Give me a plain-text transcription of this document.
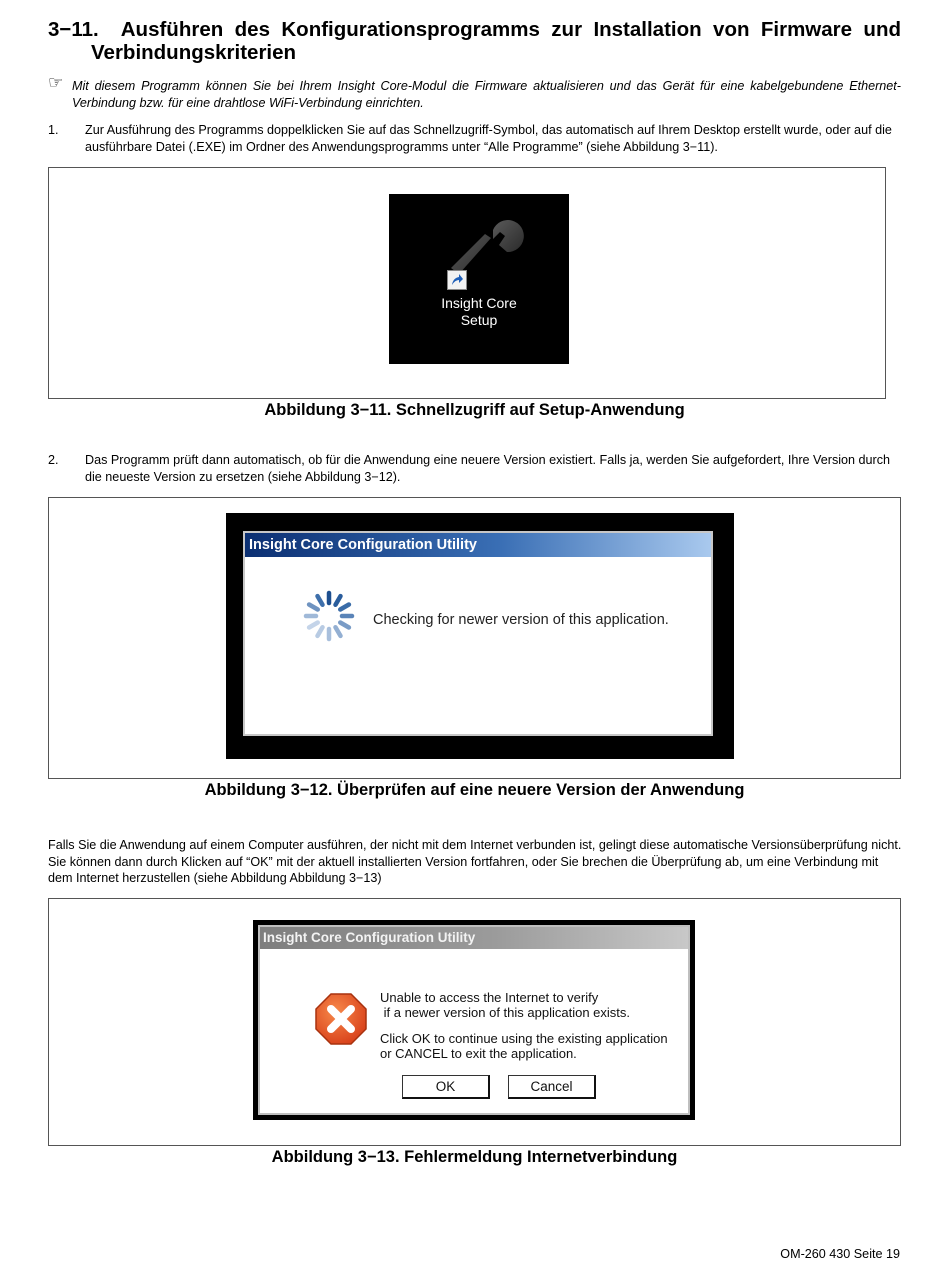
3−11. Ausführen des Konfigurationsprogramms zur Installation von Firmware und
Verbindungskriterien
☞ Mit diesem Programm können Sie bei Ihrem Insight Core-Modul die Firmware aktualisieren und das Gerät für eine kabelgebundene Ethernet-Verbindung bzw. für eine drahtlose WiFi-Verbindung einrichten.
1. Zur Ausführung des Programms doppelklicken Sie auf das Schnellzugriff-Symbol, das automatisch auf Ihrem Desktop erstellt wurde, oder auf die ausführbare Datei (.EXE) im Ordner des Anwendungsprogramms unter “Alle Programme” (siehe Abbildung 3−11).
Insight Core
Setup
Abbildung 3−11. Schnellzugriff auf Setup-Anwendung
2. Das Programm prüft dann automatisch, ob für die Anwendung eine neuere Version existiert. Falls ja, werden Sie aufgefordert, Ihre Version durch die neueste Version zu ersetzen (siehe Abbildung 3−12).
Insight Core Configuration Utility
Checking for newer version of this application.
Abbildung 3−12. Überprüfen auf eine neuere Version der Anwendung
Falls Sie die Anwendung auf einem Computer ausführen, der nicht mit dem Internet verbunden ist, gelingt diese automatische Versionsüberprüfung nicht. Sie können dann durch Klicken auf “OK” mit der aktuell installierten Version fortfahren, oder Sie brechen die Überprüfung ab, um eine Verbindung mit dem Internet herzustellen (siehe Abbildung Abbildung 3−13)
Insight Core Configuration Utility
Unable to access the Internet to verify
if a newer version of this application exists.
Click OK to continue using the existing application
or CANCEL to exit the application.
OK	Cancel
Abbildung 3−13. Fehlermeldung Internetverbindung
OM-260 430 Seite 19
